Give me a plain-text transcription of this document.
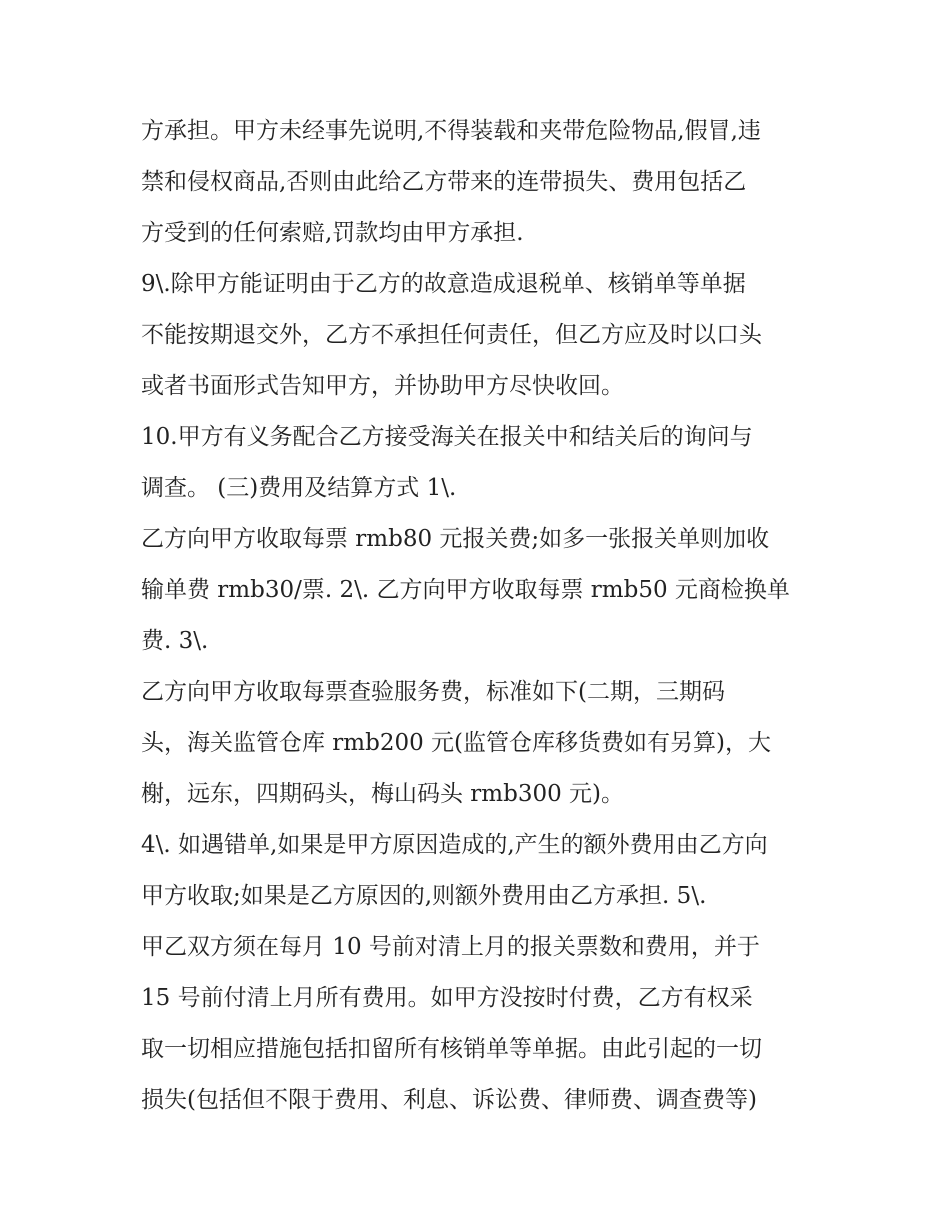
方承担。甲方未经事先说明,不得装载和夹带危险物品,假冒,违
禁和侵权商品,否则由此给乙方带来的连带损失、费用包括乙
方受到的任何索赔,罚款均由甲方承担.
9\.除甲方能证明由于乙方的故意造成退税单、核销单等单据
不能按期退交外，乙方不承担任何责任，但乙方应及时以口头
或者书面形式告知甲方，并协助甲方尽快收回。
10.甲方有义务配合乙方接受海关在报关中和结关后的询问与
调查。 (三)费用及结算方式 1\.
乙方向甲方收取每票 rmb80 元报关费;如多一张报关单则加收
输单费 rmb30/票. 2\. 乙方向甲方收取每票 rmb50 元商检换单
费. 3\.
乙方向甲方收取每票查验服务费，标准如下(二期，三期码
头，海关监管仓库 rmb200 元(监管仓库移货费如有另算)，大
榭，远东，四期码头，梅山码头 rmb300 元)。
4\. 如遇错单,如果是甲方原因造成的,产生的额外费用由乙方向
甲方收取;如果是乙方原因的,则额外费用由乙方承担. 5\.
甲乙双方须在每月 10 号前对清上月的报关票数和费用，并于
15 号前付清上月所有费用。如甲方没按时付费，乙方有权采
取一切相应措施包括扣留所有核销单等单据。由此引起的一切
损失(包括但不限于费用、利息、诉讼费、律师费、调查费等)
